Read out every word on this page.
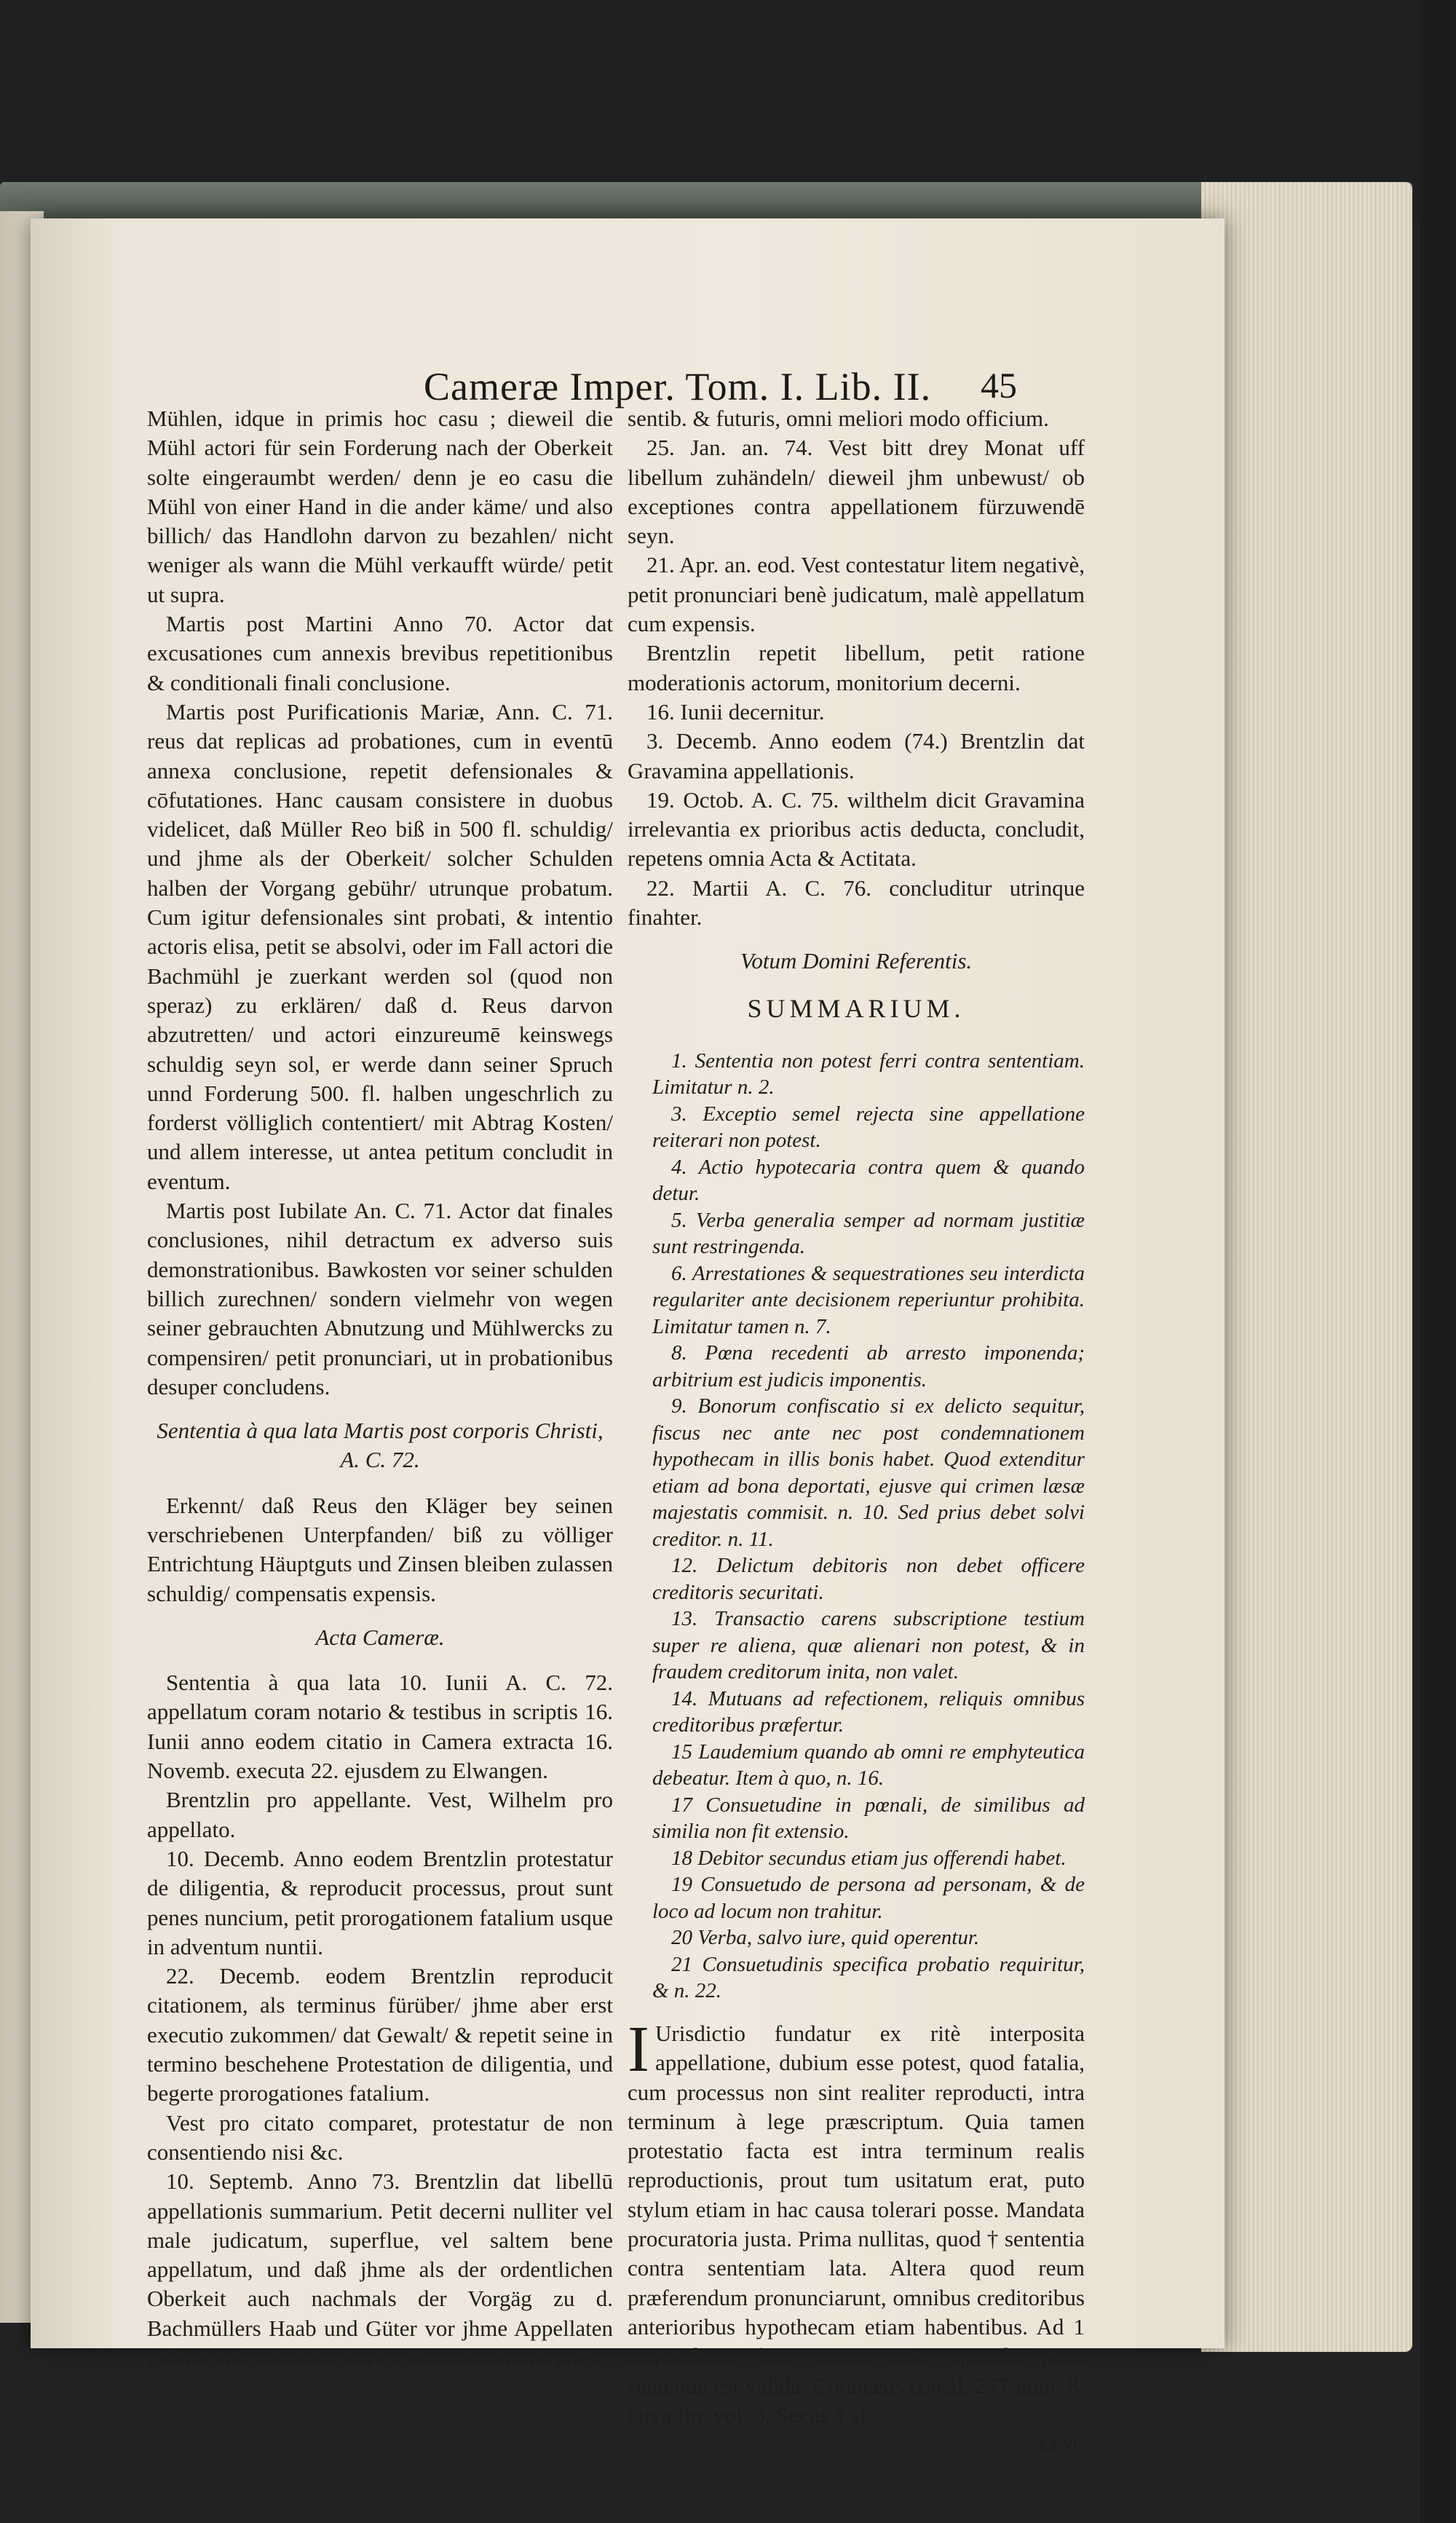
Cameræ Imper. Tom. I. Lib. II. 45

Mühlen, idque in primis hoc casu ; dieweil die Mühl actori für sein Forderung nach der Oberkeit solte eingeraumbt werden/ denn je eo casu die Mühl von einer Hand in die ander käme/ und also billich/ das Handlohn darvon zu bezahlen/ nicht weniger als wann die Mühl verkaufft würde/ petit ut supra.

Martis post Martini Anno 70. Actor dat excusationes cum annexis brevibus repetitionibus & conditionali finali conclusione.

Martis post Purificationis Mariæ, Ann. C. 71. reus dat replicas ad probationes, cum in eventū annexa conclusione, repetit defensionales & cōfutationes. Hanc causam consistere in duobus videlicet, daß Müller Reo biß in 500 fl. schuldig/ und jhme als der Oberkeit/ solcher Schulden halben der Vorgang gebühr/ utrunque probatum. Cum igitur defensionales sint probati, & intentio actoris elisa, petit se absolvi, oder im Fall actori die Bachmühl je zuerkant werden sol (quod non speraz) zu erklären/ daß d. Reus darvon abzutretten/ und actori einzureumē keinswegs schuldig seyn sol, er werde dann seiner Spruch unnd Forderung 500. fl. halben ungeschrlich zu forderst völliglich contentiert/ mit Abtrag Kosten/ und allem interesse, ut antea petitum concludit in eventum.

Martis post Iubilate An. C. 71. Actor dat finales conclusiones, nihil detractum ex adverso suis demonstrationibus. Bawkosten vor seiner schulden billich zurechnen/ sondern vielmehr von wegen seiner gebrauchten Abnutzung und Mühlwercks zu compensiren/ petit pronunciari, ut in probationibus desuper concludens.

Sententia à qua lata Martis post corporis Christi, A. C. 72.

Erkennt/ daß Reus den Kläger bey seinen verschriebenen Unterpfanden/ biß zu völliger Entrichtung Häuptguts und Zinsen bleiben zulassen schuldig/ compensatis expensis.

Acta Cameræ.

Sententia à qua lata 10. Iunii A. C. 72. appellatum coram notario & testibus in scriptis 16. Iunii anno eodem citatio in Camera extracta 16. Novemb. executa 22. ejusdem zu Elwangen.

Brentzlin pro appellante. Vest, Wilhelm pro appellato.

10. Decemb. Anno eodem Brentzlin protestatur de diligentia, & reproducit processus, prout sunt penes nuncium, petit prorogationem fatalium usque in adventum nuntii.

22. Decemb. eodem Brentzlin reproducit citationem, als terminus fürüber/ jhme aber erst executio zukommen/ dat Gewalt/ & repetit seine in termino beschehene Protestation de diligentia, und begerte prorogationes fatalium.

Vest pro citato comparet, protestatur de non consentiendo nisi &c.

10. Septemb. Anno 73. Brentzlin dat libellū appellationis summarium. Petit decerni nulliter vel male judicatum, superflue, vel saltem bene appellatum, und daß jhme als der ordentlichen Oberkeit auch nachmals der Vorgäg zu d. Bachmüllers Haab und Güter vor jhme Appellaten gebüre und zustehe/ cum expensis & damnis præ-

sentib. & futuris, omni meliori modo officium.

25. Jan. an. 74. Vest bitt drey Monat uff libellum zuhändeln/ dieweil jhm unbewust/ ob exceptiones contra appellationem fürzuwendē seyn.

21. Apr. an. eod. Vest contestatur litem negativè, petit pronunciari benè judicatum, malè appellatum cum expensis.

Brentzlin repetit libellum, petit ratione moderationis actorum, monitorium decerni.

16. Iunii decernitur.

3. Decemb. Anno eodem (74.) Brentzlin dat Gravamina appellationis.

19. Octob. A. C. 75. wilthelm dicit Gravamina irrelevantia ex prioribus actis deducta, concludit, repetens omnia Acta & Actitata.

22. Martii A. C. 76. concluditur utrinque finahter.

Votum Domini Referentis.

SUMMARIUM.

1. Sententia non potest ferri contra sententiam. Limitatur n. 2.

3. Exceptio semel rejecta sine appellatione reiterari non potest.

4. Actio hypotecaria contra quem & quando detur.

5. Verba generalia semper ad normam justitiæ sunt restringenda.

6. Arrestationes & sequestrationes seu interdicta regulariter ante decisionem reperiuntur prohibita. Limitatur tamen n. 7.

8. Pœna recedenti ab arresto imponenda; arbitrium est judicis imponentis.

9. Bonorum confiscatio si ex delicto sequitur, fiscus nec ante nec post condemnationem hypothecam in illis bonis habet. Quod extenditur etiam ad bona deportati, ejusve qui crimen læsæ majestatis commisit. n. 10. Sed prius debet solvi creditor. n. 11.

12. Delictum debitoris non debet officere creditoris securitati.

13. Transactio carens subscriptione testium super re aliena, quæ alienari non potest, & in fraudem creditorum inita, non valet.

14. Mutuans ad refectionem, reliquis omnibus creditoribus præfertur.

15 Laudemium quando ab omni re emphyteutica debeatur. Item à quo, n. 16.

17 Consuetudine in pœnali, de similibus ad similia non fit extensio.

18 Debitor secundus etiam jus offerendi habet.

19 Consuetudo de persona ad personam, & de loco ad locum non trahitur.

20 Verba, salvo iure, quid operentur.

21 Consuetudinis specifica probatio requiritur, & n. 22.

I Urisdictio fundatur ex ritè interposita appellatione, dubium esse potest, quod fatalia, cum processus non sint realiter reproducti, intra terminum à lege præscriptum. Quia tamen protestatio facta est intra terminum realis reproductionis, prout tum usitatum erat, puto stylum etiam in hac causa tolerari posse. Mandata procuratoria justa. Prima nullitas, quod † sententia contra sententiam lata. Altera quod reum præferendum pronunciarunt, omnibus creditoribus anterioribus hypothecam etiam habentibus. Ad 1 respondetur, hoc verum esse, quando prior sententia est valida. Coranæus consil. 277 num. 8. circa fin. vol. 3. Secus † si

ea vi-
